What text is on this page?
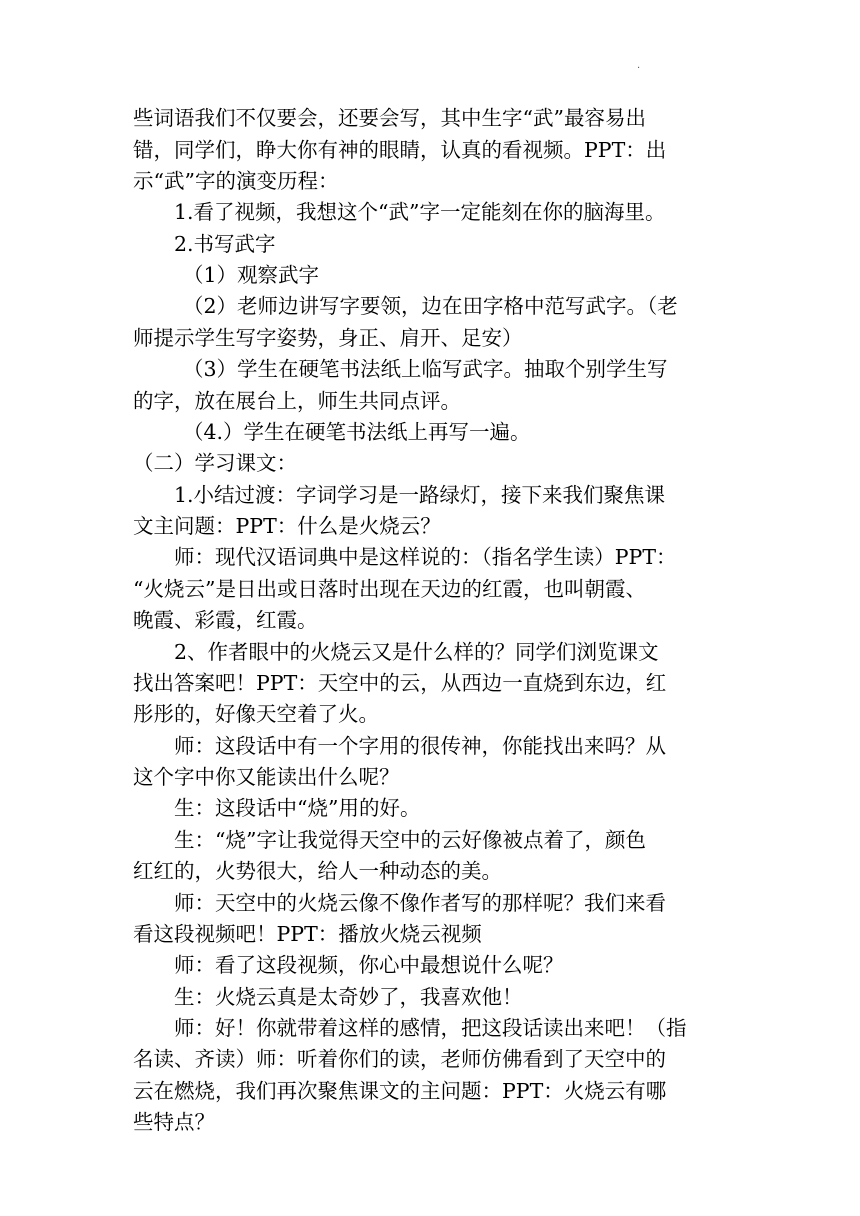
.
些词语我们不仅要会，还要会写，其中生字“武”最容易出
错，同学们，睁大你有神的眼睛，认真的看视频。PPT：出
示“武”字的演变历程：
1.看了视频，我想这个“武”字一定能刻在你的脑海里。
2.书写武字
（1）观察武字
（2）老师边讲写字要领，边在田字格中范写武字。（老
师提示学生写字姿势，身正、肩开、足安）
（3）学生在硬笔书法纸上临写武字。抽取个别学生写
的字，放在展台上，师生共同点评。
（4.）学生在硬笔书法纸上再写一遍。
（二）学习课文：
1.小结过渡：字词学习是一路绿灯，接下来我们聚焦课
文主问题：PPT：什么是火烧云？
师：现代汉语词典中是这样说的：（指名学生读）PPT：
“火烧云”是日出或日落时出现在天边的红霞，也叫朝霞、
晚霞、彩霞，红霞。
2、作者眼中的火烧云又是什么样的？同学们浏览课文
找出答案吧！PPT：天空中的云，从西边一直烧到东边，红
彤彤的，好像天空着了火。
师：这段话中有一个字用的很传神，你能找出来吗？从
这个字中你又能读出什么呢？
生：这段话中“烧”用的好。
生：“烧”字让我觉得天空中的云好像被点着了，颜色
红红的，火势很大，给人一种动态的美。
师：天空中的火烧云像不像作者写的那样呢？我们来看
看这段视频吧！PPT：播放火烧云视频
师：看了这段视频，你心中最想说什么呢？
生：火烧云真是太奇妙了，我喜欢他！
师：好！你就带着这样的感情，把这段话读出来吧！（指
名读、齐读）师：听着你们的读，老师仿佛看到了天空中的
云在燃烧，我们再次聚焦课文的主问题：PPT：火烧云有哪
些特点？
